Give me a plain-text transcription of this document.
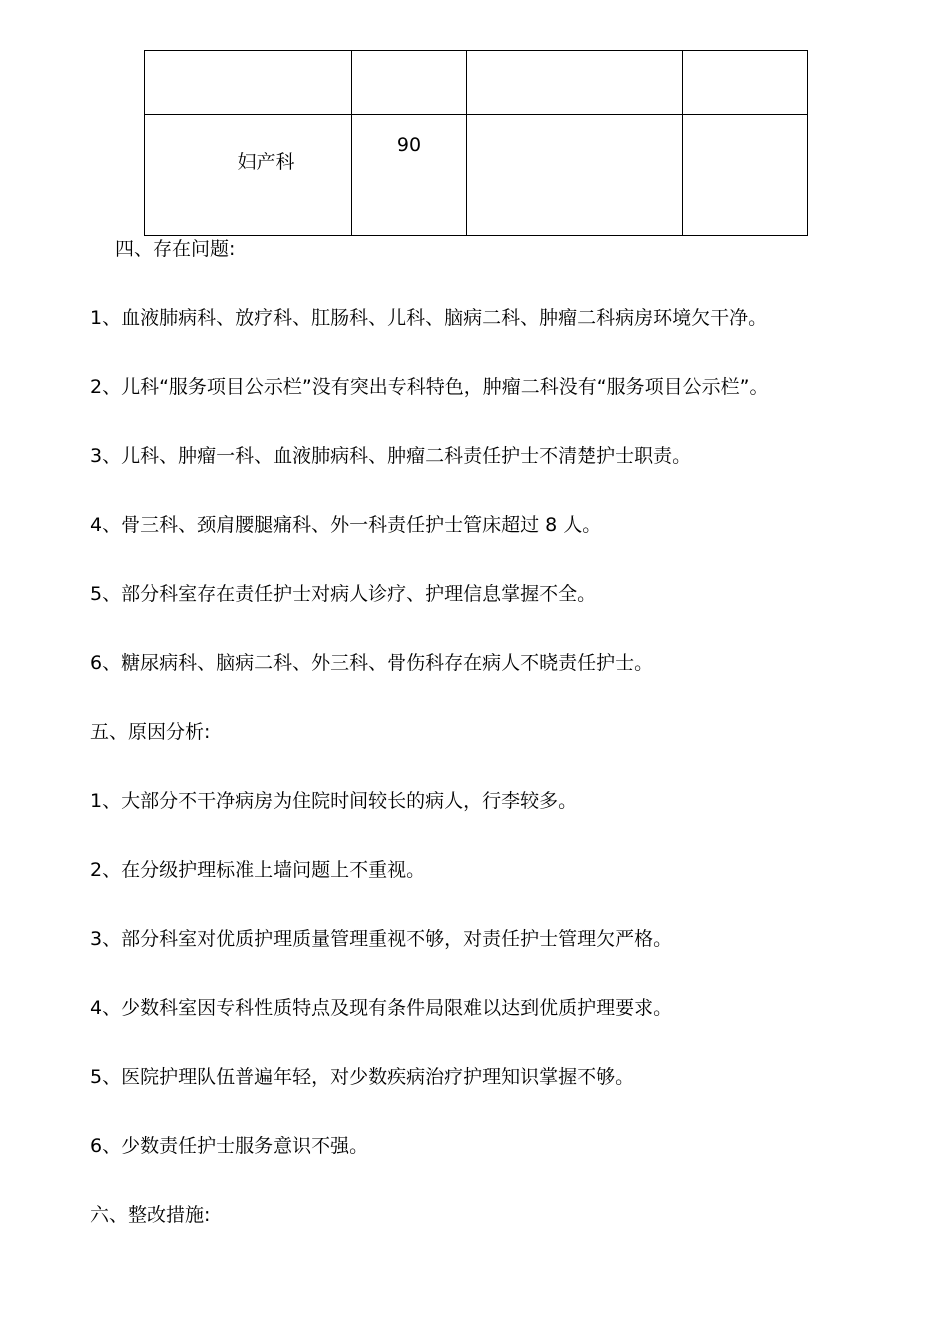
妇产科	90		
四、存在问题:
1、血液肺病科、放疗科、肛肠科、儿科、脑病二科、肿瘤二科病房环境欠干净。
2、儿科“服务项目公示栏”没有突出专科特色，肿瘤二科没有“服务项目公示栏”。
3、儿科、肿瘤一科、血液肺病科、肿瘤二科责任护士不清楚护士职责。
4、骨三科、颈肩腰腿痛科、外一科责任护士管床超过 8 人。
5、部分科室存在责任护士对病人诊疗、护理信息掌握不全。
6、糖尿病科、脑病二科、外三科、骨伤科存在病人不晓责任护士。
五、原因分析:
1、大部分不干净病房为住院时间较长的病人，行李较多。
2、在分级护理标准上墙问题上不重视。
3、部分科室对优质护理质量管理重视不够，对责任护士管理欠严格。
4、少数科室因专科性质特点及现有条件局限难以达到优质护理要求。
5、医院护理队伍普遍年轻，对少数疾病治疗护理知识掌握不够。
6、少数责任护士服务意识不强。
六、整改措施:
